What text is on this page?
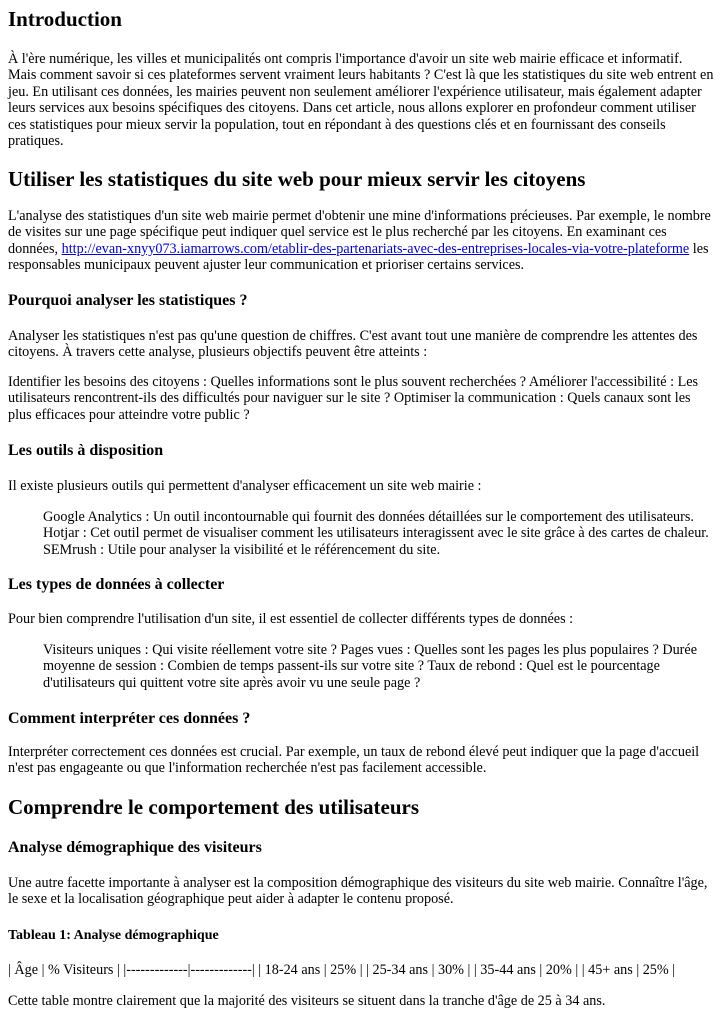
Introduction

À l'ère numérique, les villes et municipalités ont compris l'importance d'avoir un site web mairie efficace et informatif. Mais comment savoir si ces plateformes servent vraiment leurs habitants ? C'est là que les statistiques du site web entrent en jeu. En utilisant ces données, les mairies peuvent non seulement améliorer l'expérience utilisateur, mais également adapter leurs services aux besoins spécifiques des citoyens. Dans cet article, nous allons explorer en profondeur comment utiliser ces statistiques pour mieux servir la population, tout en répondant à des questions clés et en fournissant des conseils pratiques.

Utiliser les statistiques du site web pour mieux servir les citoyens

L'analyse des statistiques d'un site web mairie permet d'obtenir une mine d'informations précieuses. Par exemple, le nombre de visites sur une page spécifique peut indiquer quel service est le plus recherché par les citoyens. En examinant ces données, http://evan-xnyy073.iamarrows.com/etablir-des-partenariats-avec-des-entreprises-locales-via-votre-plateforme les responsables municipaux peuvent ajuster leur communication et prioriser certains services.

Pourquoi analyser les statistiques ?

Analyser les statistiques n'est pas qu'une question de chiffres. C'est avant tout une manière de comprendre les attentes des citoyens. À travers cette analyse, plusieurs objectifs peuvent être atteints :

Identifier les besoins des citoyens : Quelles informations sont le plus souvent recherchées ? Améliorer l'accessibilité : Les utilisateurs rencontrent-ils des difficultés pour naviguer sur le site ? Optimiser la communication : Quels canaux sont les plus efficaces pour atteindre votre public ?

Les outils à disposition

Il existe plusieurs outils qui permettent d'analyser efficacement un site web mairie :

Google Analytics : Un outil incontournable qui fournit des données détaillées sur le comportement des utilisateurs. Hotjar : Cet outil permet de visualiser comment les utilisateurs interagissent avec le site grâce à des cartes de chaleur. SEMrush : Utile pour analyser la visibilité et le référencement du site.

Les types de données à collecter

Pour bien comprendre l'utilisation d'un site, il est essentiel de collecter différents types de données :

Visiteurs uniques : Qui visite réellement votre site ? Pages vues : Quelles sont les pages les plus populaires ? Durée moyenne de session : Combien de temps passent-ils sur votre site ? Taux de rebond : Quel est le pourcentage d'utilisateurs qui quittent votre site après avoir vu une seule page ?

Comment interpréter ces données ?

Interpréter correctement ces données est crucial. Par exemple, un taux de rebond élevé peut indiquer que la page d'accueil n'est pas engageante ou que l'information recherchée n'est pas facilement accessible.

Comprendre le comportement des utilisateurs
Analyse démographique des visiteurs

Une autre facette importante à analyser est la composition démographique des visiteurs du site web mairie. Connaître l'âge, le sexe et la localisation géographique peut aider à adapter le contenu proposé.

Tableau 1: Analyse démographique

| Âge | % Visiteurs | |-------------|-------------| | 18-24 ans | 25% | | 25-34 ans | 30% | | 35-44 ans | 20% | | 45+ ans | 25% |

Cette table montre clairement que la majorité des visiteurs se situent dans la tranche d'âge de 25 à 34 ans.
